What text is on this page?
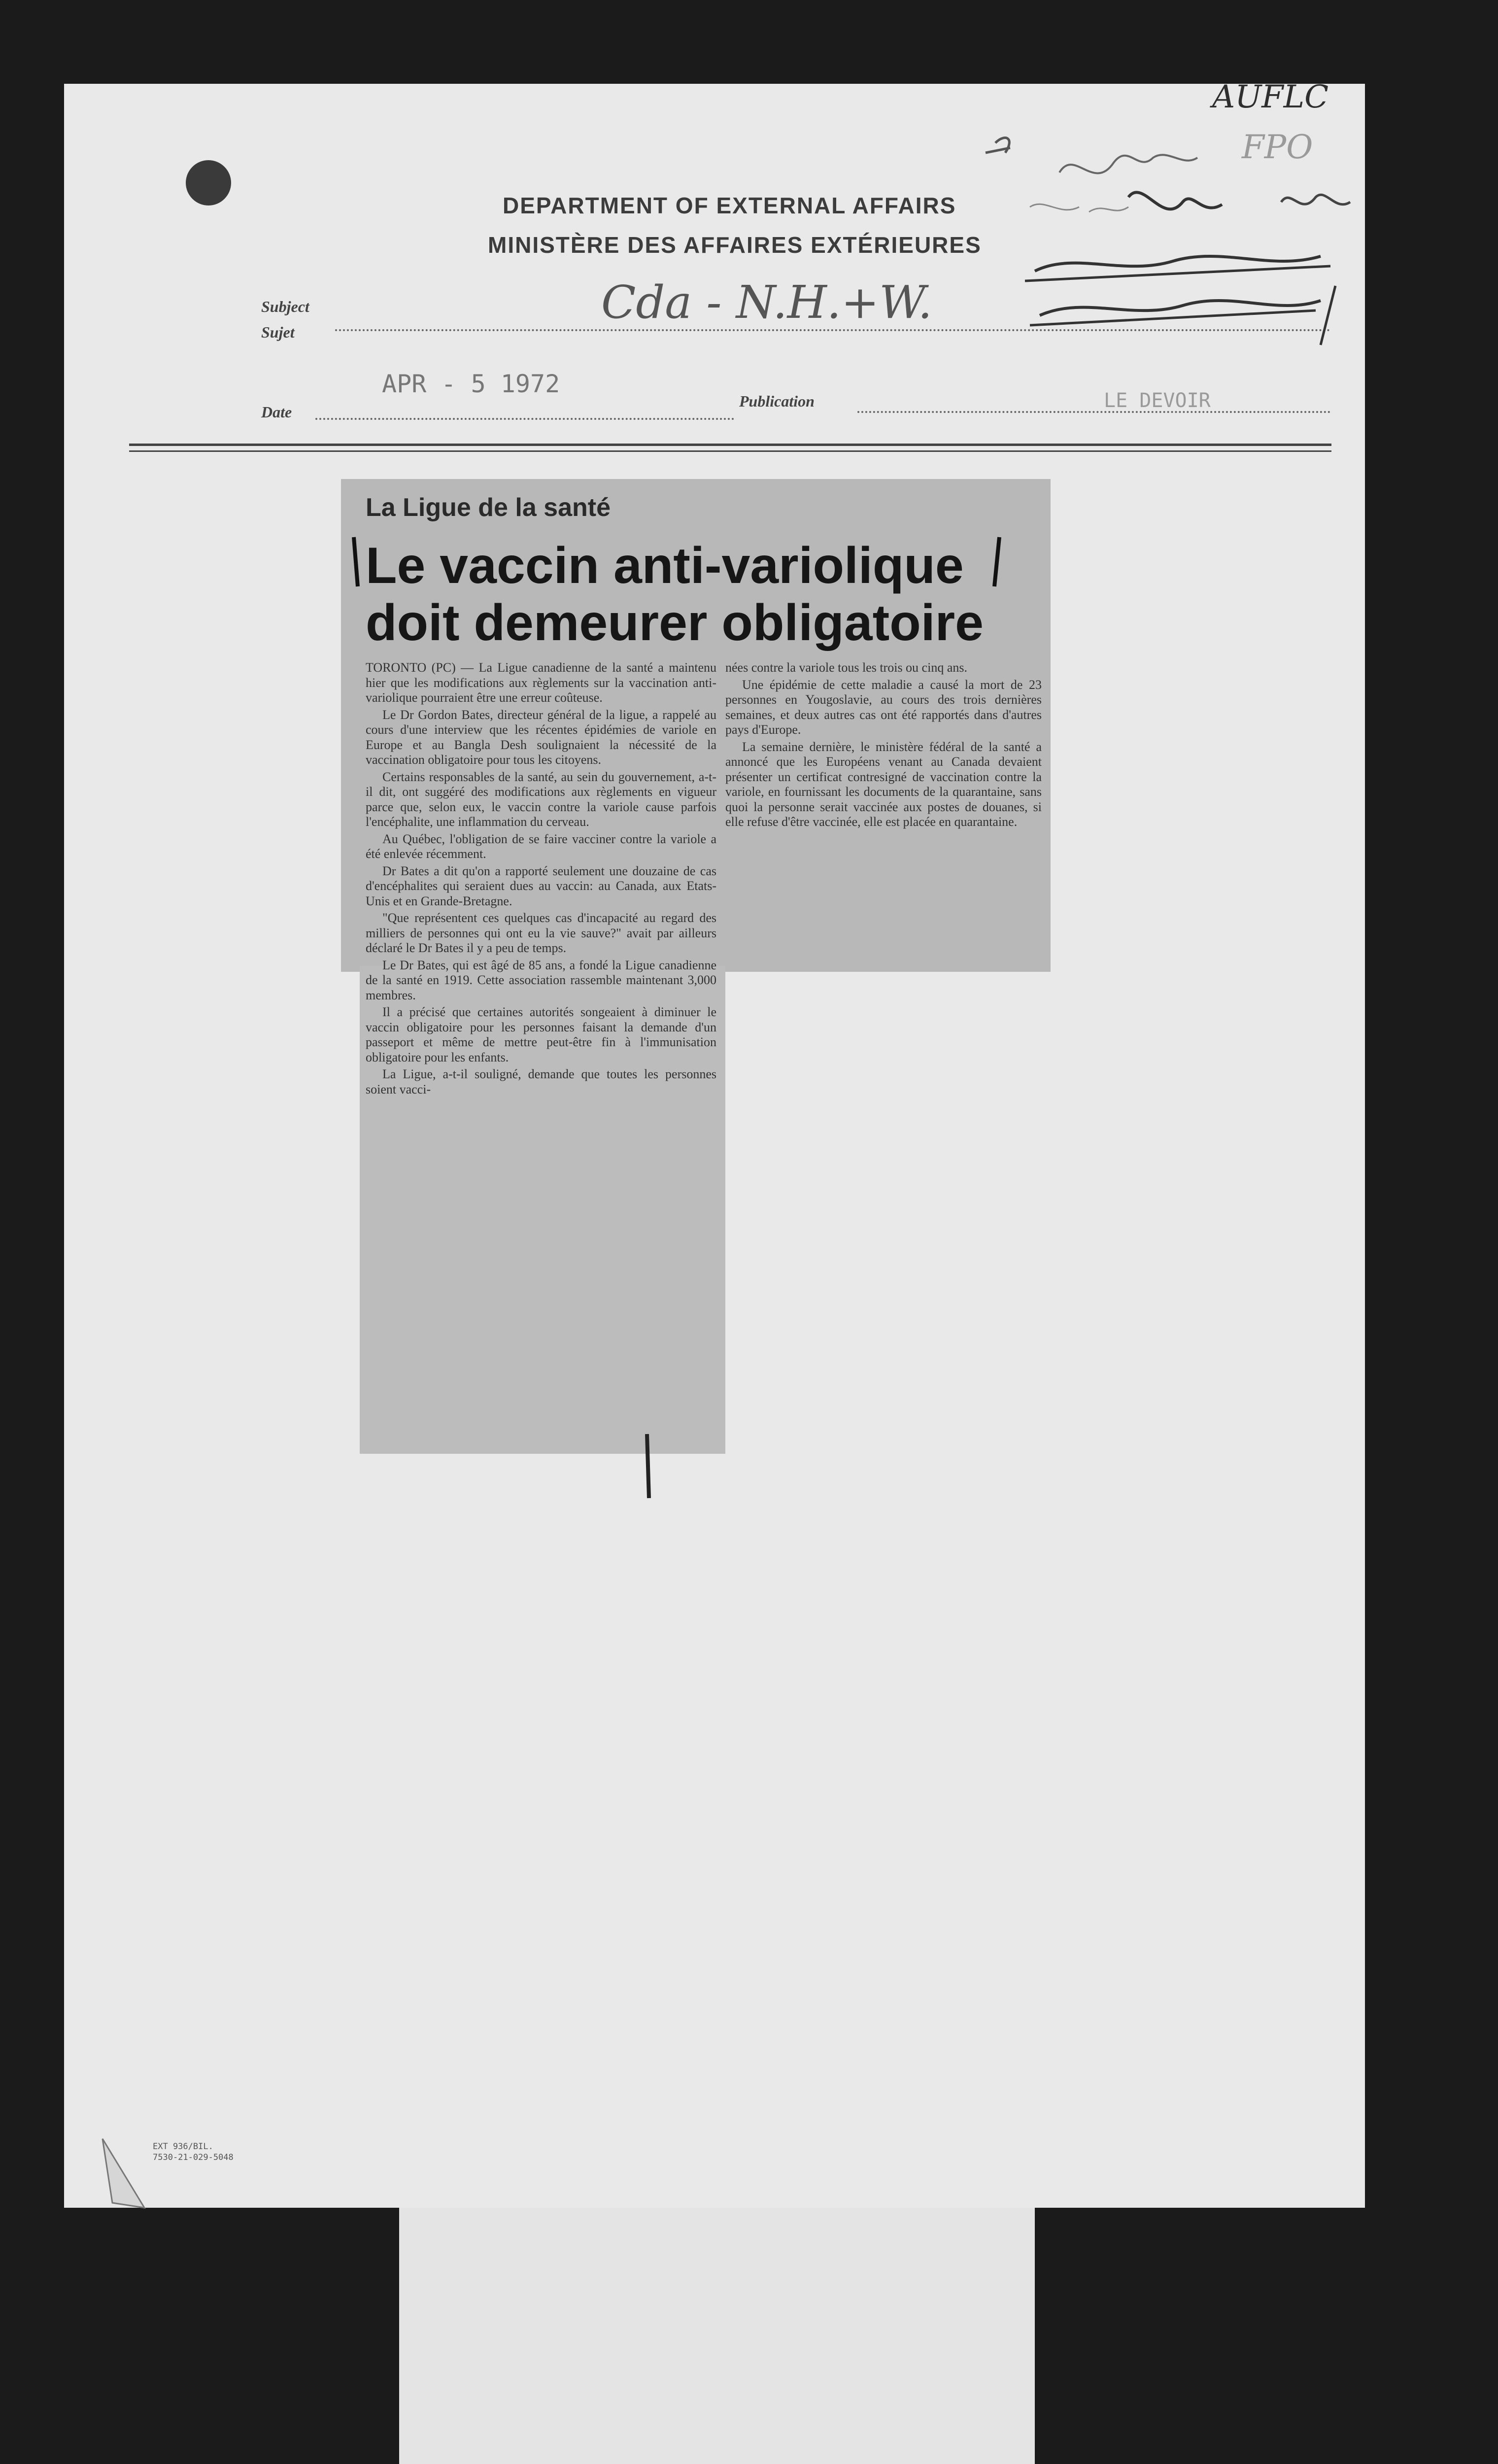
DEPARTMENT OF EXTERNAL AFFAIRS
MINISTÈRE DES AFFAIRES EXTÉRIEURES
Subject
Sujet
Cda - N.H.+W.
Date
APR - 5 1972
Publication	LE DEVOIR
AUFLC
FPO
La Ligue de la santé
Le vaccin anti-variolique
doit demeurer obligatoire

TORONTO (PC) — La Ligue canadienne de la santé a maintenu hier que les modifications aux règlements sur la vaccination anti-variolique pourraient être une erreur coûteuse.

Le Dr Gordon Bates, directeur général de la ligue, a rappelé au cours d'une interview que les récentes épidémies de variole en Europe et au Bangla Desh soulignaient la nécessité de la vaccination obligatoire pour tous les citoyens.

Certains responsables de la santé, au sein du gouvernement, a-t-il dit, ont suggéré des modifications aux règlements en vigueur parce que, selon eux, le vaccin contre la variole cause parfois l'encéphalite, une inflammation du cerveau.

Au Québec, l'obligation de se faire vacciner contre la variole a été enlevée récemment.

Dr Bates a dit qu'on a rapporté seulement une douzaine de cas d'encéphalites qui seraient dues au vaccin: au Canada, aux Etats-Unis et en Grande-Bretagne.

"Que représentent ces quelques cas d'incapacité au regard des milliers de personnes qui ont eu la vie sauve?" avait par ailleurs déclaré le Dr Bates il y a peu de temps.

Le Dr Bates, qui est âgé de 85 ans, a fondé la Ligue canadienne de la santé en 1919. Cette association rassemble maintenant 3,000 membres.

Il a précisé que certaines autorités songeaient à diminuer le vaccin obligatoire pour les personnes faisant la demande d'un passeport et même de mettre peut-être fin à l'immunisation obligatoire pour les enfants.

La Ligue, a-t-il souligné, demande que toutes les personnes soient vacci-

nées contre la variole tous les trois ou cinq ans.

Une épidémie de cette maladie a causé la mort de 23 personnes en Yougoslavie, au cours des trois dernières semaines, et deux autres cas ont été rapportés dans d'autres pays d'Europe.

La semaine dernière, le ministère fédéral de la santé a annoncé que les Européens venant au Canada devaient présenter un certificat contresigné de vaccination contre la variole, en fournissant les documents de la quarantaine, sans quoi la personne serait vaccinée aux postes de douanes, si elle refuse d'être vaccinée, elle est placée en quarantaine.

EXT 936/BIL.
7530-21-029-5048
